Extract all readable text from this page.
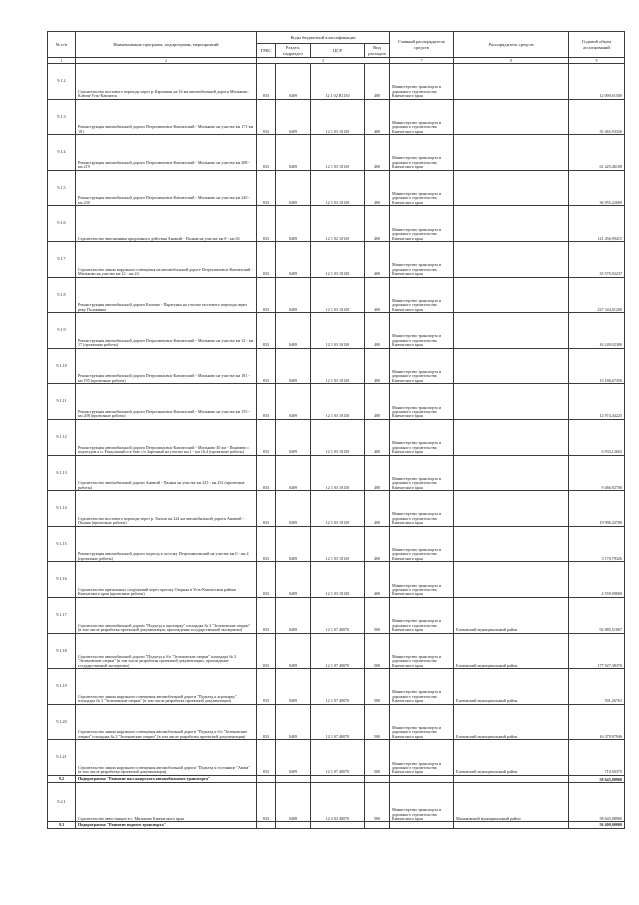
№ п/п	Наименование программ, подпрограмм, мероприятий	Коды бюджетной классификации				Главный распорядитель средств	Распорядитель средств	Годовой объем ассигнований
		ГРБС	Раздел, подраздел	ЦСР	Вид расходов			
1	2	3				7	8	9
9.1.2	Строительство мостового перехода через р. Карташик на 16 км автомобильной дороги Мильково-Ключи-Усть-Камчатск	833	0409	12 1 02 В1150	400	Министерство транспорта и дорожного строительства Камчатского края		12 000,61500
9.1.3	Реконструкция автомобильной дороги Петропавловск-Камчатский - Мильково на участке км 171-км 181	833	0409	12 1 03 10130	400	Министерство транспорта и дорожного строительства Камчатского края		35 465,93326
9.1.4	Реконструкция автомобильной дороги Петропавловск-Камчатский - Мильково на участке км 208 - км 219	833	0409	12 1 03 10130	400	Министерство транспорта и дорожного строительства Камчатского края		61 425,46108
9.1.5	Реконструкция автомобильной дороги Петропавловск-Камчатский - Мильково на участке км 220 - км 230	833	0409	12 1 03 10130	400	Министерство транспорта и дорожного строительства Камчатского края		36 955,22609
9.1.6	Строительство автозимника продленного действия Анавгай - Палана на участке км 0 - км 36	833	0409	12 1 02 10130	400	Министерство транспорта и дорожного строительства Камчатского края		121 456,99415
9.1.7	Строительство линии наружного освещения на автомобильной дороге Петропавловск-Камчатский - Мильково на участке км 12 - км 24	833	0409	12 1 03 10130	400	Министерство транспорта и дорожного строительства Камчатского края		35 570,02237
9.1.8	Реконструкция автомобильной дороги Елизово - Паратунка на участке мостового перехода через реку Половинка	833	0409	12 1 03 10130	400	Министерство транспорта и дорожного строительства Камчатского края		227 344,01200
9.1.9	Реконструкция автомобильной дороги Петропавловск-Камчатский - Мильково на участке км 12 - км 17 (проектные работы)	833	0409	12 1 03 10130	400	Министерство транспорта и дорожного строительства Камчатского края		16 249,92300
9.1.10	Реконструкция автомобильной дороги Петропавловск-Камчатский - Мильково на участке км 181 - км 195 (проектные работы)	833	0409	12 1 03 10130	400	Министерство транспорта и дорожного строительства Камчатского края		13 186,67350
9.1.11	Реконструкция автомобильной дороги Петропавловск-Камчатский - Мильково на участке км 155 - км 208 (проектные работы)	833	0409	12 1 03 10130	400	Министерство транспорта и дорожного строительства Камчатского края		12 974,44225
9.1.12	Реконструкция автомобильной дороги Петропавловск-Камчатский - Мильково 40 км - Пиначево с подъездом к п. Раздольный и к базе с/х Заречный на участке км 1 - км 16,4 (проектные работы)	833	0409	12 1 03 10130	400	Министерство транспорта и дорожного строительства Камчатского края		6 933,12602
9.1.13	Строительство автомобильной дороги Анавгай - Палана на участке км 225 - км 231 (проектные работы)	833	0409	12 1 03 10130	400	Министерство транспорта и дорожного строительства Камчатского края		9 466,92700
9.1.14	Строительство мостового перехода через р. Тигиль на 224 км автомобильной дороги Анавгай - Палана (проектные работы)	833	0409	12 1 03 10130	400	Министерство транспорта и дорожного строительства Камчатского края		19 996,43700
9.1.15	Реконструкция автомобильной дороги подъезд к поселку Петропавловский на участке км 0 - км 4 (проектные работы)	833	0409	12 1 03 10130	400	Министерство транспорта и дорожного строительства Камчатского края		3 170,79326
9.1.16	Строительство причальных сооружений через протоку Озерная в Усть-Камчатском районе Камчатского края (проектные работы)	833	0409	12 1 03 10130	400	Министерство транспорта и дорожного строительства Камчатского края		4 559,09000
9.1.17	Строительство автомобильной дороги "Подъезд к агропарку" площадка № 3 "Зеленовские озерки" (в том числе разработка проектной документации, прохождение государственной экспертизы)	833	0409	12 1 07 40070	500	Министерство транспорта и дорожного строительства Камчатского края	Елизовский муниципальный район	92 885,51067
9.1.18	Строительство автомобильной дороги "Подъезд к б/о "Зеленовские озерки" площадка № 3 "Зеленовские озерки" (в том числе разработка проектной документации, прохождение государственной экспертизы)	833	0409	12 1 07 40070	500	Министерство транспорта и дорожного строительства Камчатского края	Елизовский муниципальный район	177 927,38370
9.1.19	Строительство линии наружного освещения автомобильной дороги "Подъезд к агропарку" площадка № 3 "Зеленовские озерки" (в том числе разработка проектной документации)	833	0409	12 1 07 40070	500	Министерство транспорта и дорожного строительства Камчатского края	Елизовский муниципальный район	501,26761
9.1.20	Строительство линии наружного освещения автомобильной дороги "Подъезд к б/о "Зеленовские озерки" площадка № 3 "Зеленовские озерки" (в том числе разработка проектной документации)	833	0409	12 1 07 40070	500	Министерство транспорта и дорожного строительства Камчатского края	Елизовский муниципальный район	16 379,97946
9.1.21	Строительство линии наружного освещения автомобильной дороги "Подъезд к гостинице "Авача" (в том числе разработка проектной документации)	833	0409	12 1 07 40070	500	Министерство транспорта и дорожного строительства Камчатского края	Елизовский муниципальный район	710,50375
9.2	Подпрограмма "Развитие пассажирского автомобильного транспорта"							58 645,08900
9.2.1	Строительство автостанции в с. Мильково Камчатского края	833	0408	12 2 03 40070	500	Министерство транспорта и дорожного строительства Камчатского края	Мильковский муниципальный район	58 645,08900
9.3	Подпрограмма "Развитие водного транспорта"							56 400,00000
